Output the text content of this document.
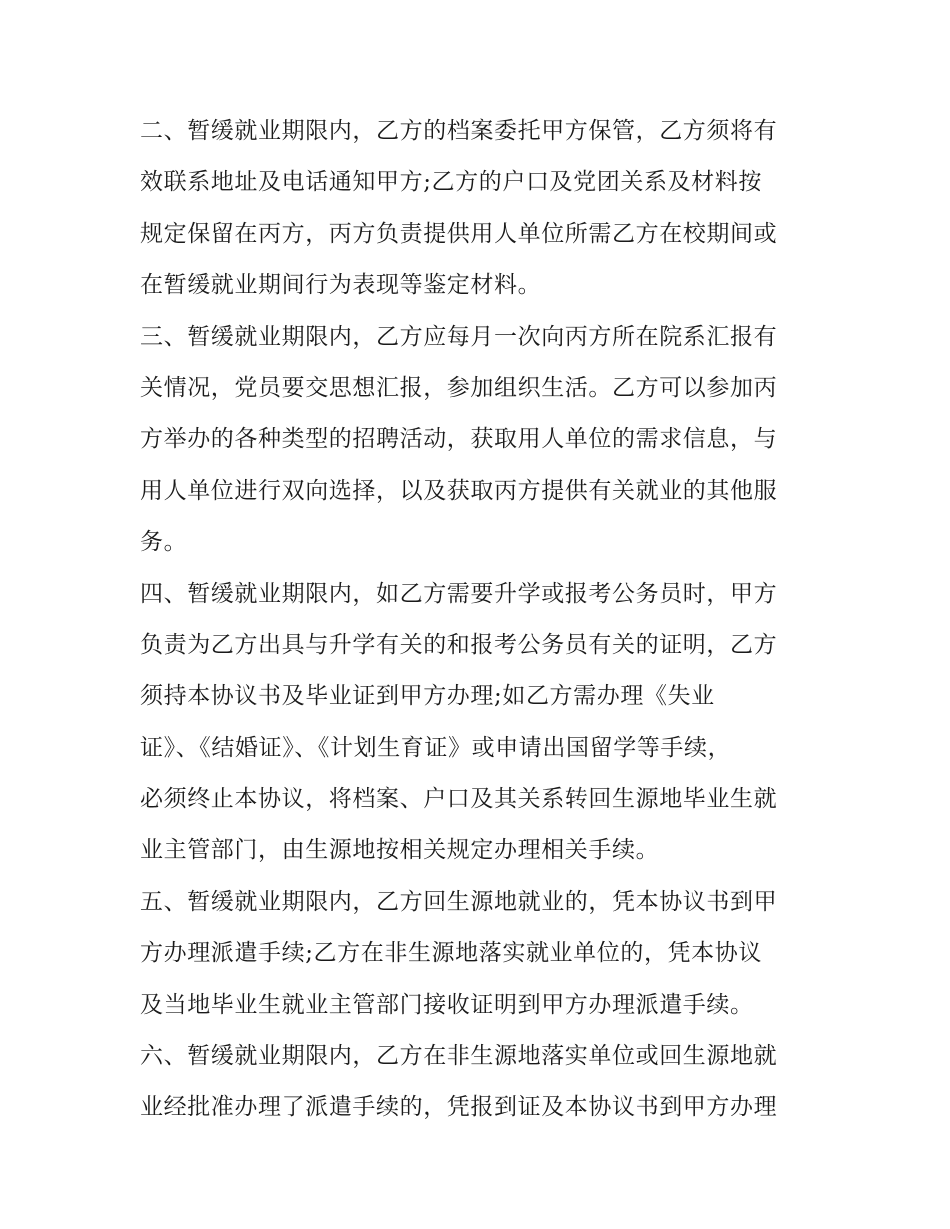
二、暂缓就业期限内，乙方的档案委托甲方保管，乙方须将有
效联系地址及电话通知甲方;乙方的户口及党团关系及材料按
规定保留在丙方，丙方负责提供用人单位所需乙方在校期间或
在暂缓就业期间行为表现等鉴定材料。
三、暂缓就业期限内，乙方应每月一次向丙方所在院系汇报有
关情况，党员要交思想汇报，参加组织生活。乙方可以参加丙
方举办的各种类型的招聘活动，获取用人单位的需求信息，与
用人单位进行双向选择，以及获取丙方提供有关就业的其他服
务。
四、暂缓就业期限内，如乙方需要升学或报考公务员时，甲方
负责为乙方出具与升学有关的和报考公务员有关的证明，乙方
须持本协议书及毕业证到甲方办理;如乙方需办理《失业
证》、《结婚证》、《计划生育证》或申请出国留学等手续，
必须终止本协议，将档案、户口及其关系转回生源地毕业生就
业主管部门，由生源地按相关规定办理相关手续。
五、暂缓就业期限内，乙方回生源地就业的，凭本协议书到甲
方办理派遣手续;乙方在非生源地落实就业单位的，凭本协议
及当地毕业生就业主管部门接收证明到甲方办理派遣手续。
六、暂缓就业期限内，乙方在非生源地落实单位或回生源地就
业经批准办理了派遣手续的，凭报到证及本协议书到甲方办理
